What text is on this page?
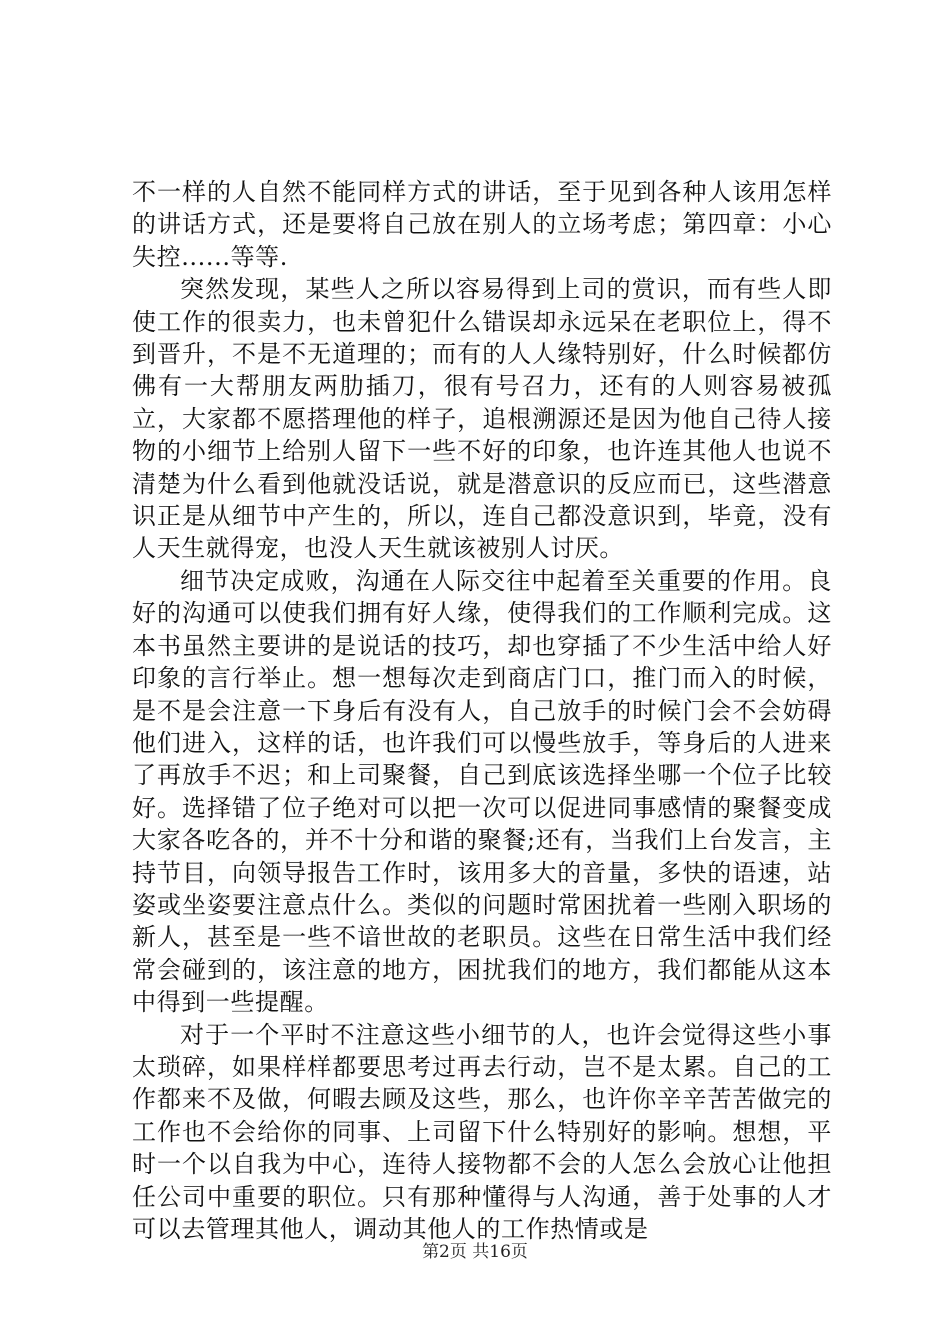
不一样的人自然不能同样方式的讲话，至于见到各种人该用怎样的讲话方式，还是要将自己放在别人的立场考虑；第四章：小心失控......等等.

突然发现，某些人之所以容易得到上司的赏识，而有些人即使工作的很卖力，也未曾犯什么错误却永远呆在老职位上，得不到晋升，不是不无道理的；而有的人人缘特别好，什么时候都仿佛有一大帮朋友两肋插刀，很有号召力，还有的人则容易被孤立，大家都不愿搭理他的样子，追根溯源还是因为他自己待人接物的小细节上给别人留下一些不好的印象，也许连其他人也说不清楚为什么看到他就没话说，就是潜意识的反应而已，这些潜意识正是从细节中产生的，所以，连自己都没意识到，毕竟，没有人天生就得宠，也没人天生就该被别人讨厌。

细节决定成败，沟通在人际交往中起着至关重要的作用。良好的沟通可以使我们拥有好人缘，使得我们的工作顺利完成。这本书虽然主要讲的是说话的技巧，却也穿插了不少生活中给人好印象的言行举止。想一想每次走到商店门口，推门而入的时候，是不是会注意一下身后有没有人，自己放手的时候门会不会妨碍他们进入，这样的话，也许我们可以慢些放手，等身后的人进来了再放手不迟；和上司聚餐，自己到底该选择坐哪一个位子比较好。选择错了位子绝对可以把一次可以促进同事感情的聚餐变成大家各吃各的，并不十分和谐的聚餐;还有，当我们上台发言，主持节目，向领导报告工作时，该用多大的音量，多快的语速，站姿或坐姿要注意点什么。类似的问题时常困扰着一些刚入职场的新人，甚至是一些不谙世故的老职员。这些在日常生活中我们经常会碰到的，该注意的地方，困扰我们的地方，我们都能从这本中得到一些提醒。

对于一个平时不注意这些小细节的人，也许会觉得这些小事太琐碎，如果样样都要思考过再去行动，岂不是太累。自己的工作都来不及做，何暇去顾及这些，那么，也许你辛辛苦苦做完的工作也不会给你的同事、上司留下什么特别好的影响。想想，平时一个以自我为中心，连待人接物都不会的人怎么会放心让他担任公司中重要的职位。只有那种懂得与人沟通，善于处事的人才可以去管理其他人，调动其他人的工作热情或是

第2页 共16页
